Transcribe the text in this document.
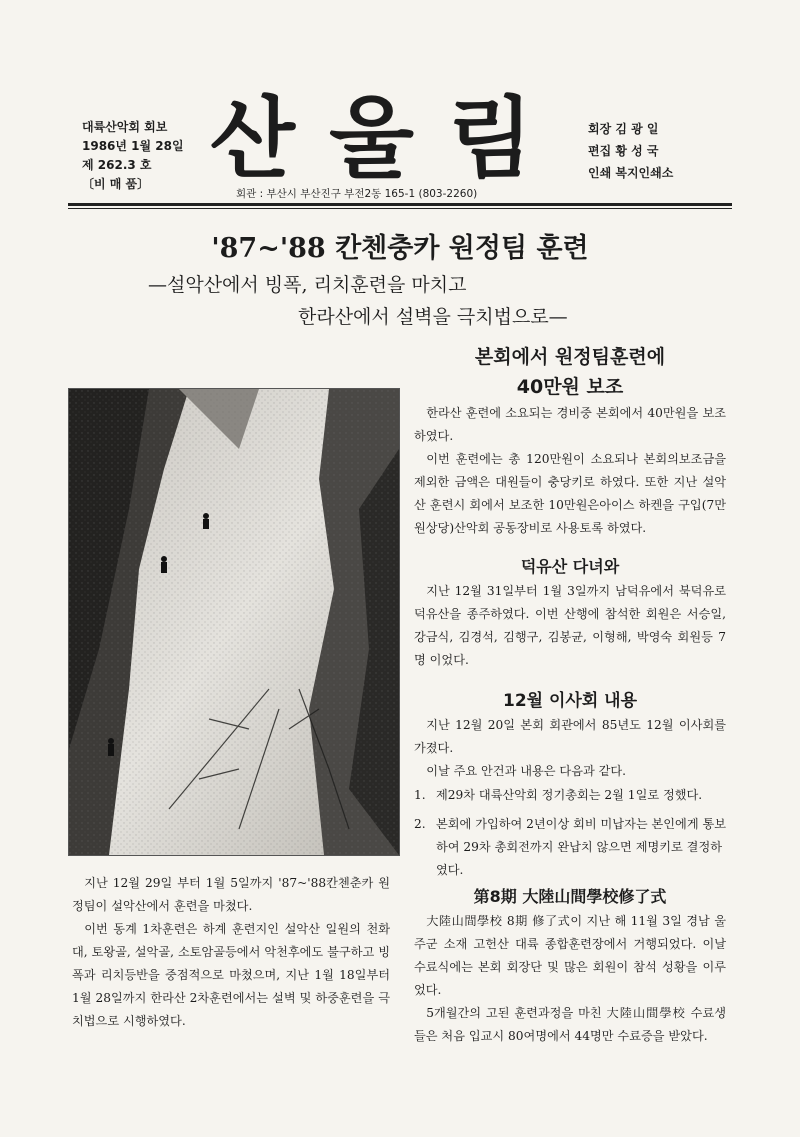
대륙산악회 회보
1986년 1월 28일
제 262.3 호
〔비 매 품〕 산울림 회장 김 광 일
편집 황 성 국
인쇄 복지인쇄소
회관 : 부산시 부산진구 부전2동 165-1 (803-2260)
'87~'88 칸첸충카 원정팀 훈련
—설악산에서 빙폭, 리치훈련을 마치고
한라산에서 설벽을 극치법으로—

지난 12월 29일 부터 1월 5일까지 '87~'88칸첸춘카 원정팀이 설악산에서 훈련을 마쳤다.

이번 동계 1차훈련은 하계 훈련지인 설악산 일원의 천화대, 토왕골, 설악골, 소토암골등에서 악천후에도 불구하고 빙폭과 리치등반을 중점적으로 마쳤으며, 지난 1월 18일부터 1월 28일까지 한라산 2차훈련에서는 설벽 및 하중훈련을 극치법으로 시행하였다.

본회에서 원정팀훈련에
40만원 보조

한라산 훈련에 소요되는 경비중 본회에서 40만원을 보조하였다.

이번 훈련에는 총 120만원이 소요되나 본회의보조금을 제외한 금액은 대원들이 충당키로 하였다. 또한 지난 설악산 훈련시 회에서 보조한 10만원은아이스 하켄을 구입(7만원상당)산악회 공동장비로 사용토록 하였다.

덕유산 다녀와

지난 12월 31일부터 1월 3일까지 남덕유에서 북덕유로 덕유산을 종주하였다. 이번 산행에 참석한 회원은 서승일, 강금식, 김경석, 김행구, 김봉균, 이형해, 박영숙 회원등 7명 이었다.

12월 이사회 내용

지난 12월 20일 본회 회관에서 85년도 12월 이사회를 가졌다.

이날 주요 안건과 내용은 다음과 같다.

1. 제29차 대륙산악회 정기총회는 2월 1일로 정했다.
2. 본회에 가입하여 2년이상 회비 미납자는 본인에게 통보하여 29차 총회전까지 완납치 않으면 제명키로 결정하였다.
第8期 大陸山間學校修了式

大陸山間學校 8期 修了式이 지난 해 11월 3일 경남 울주군 소재 고헌산 대륙 종합훈련장에서 거행되었다. 이날 수료식에는 본회 회장단 및 많은 회원이 참석 성황을 이루었다.

5개월간의 고된 훈련과정을 마친 大陸山間學校 수료생들은 처음 입교시 80여명에서 44명만 수료증을 받았다.
